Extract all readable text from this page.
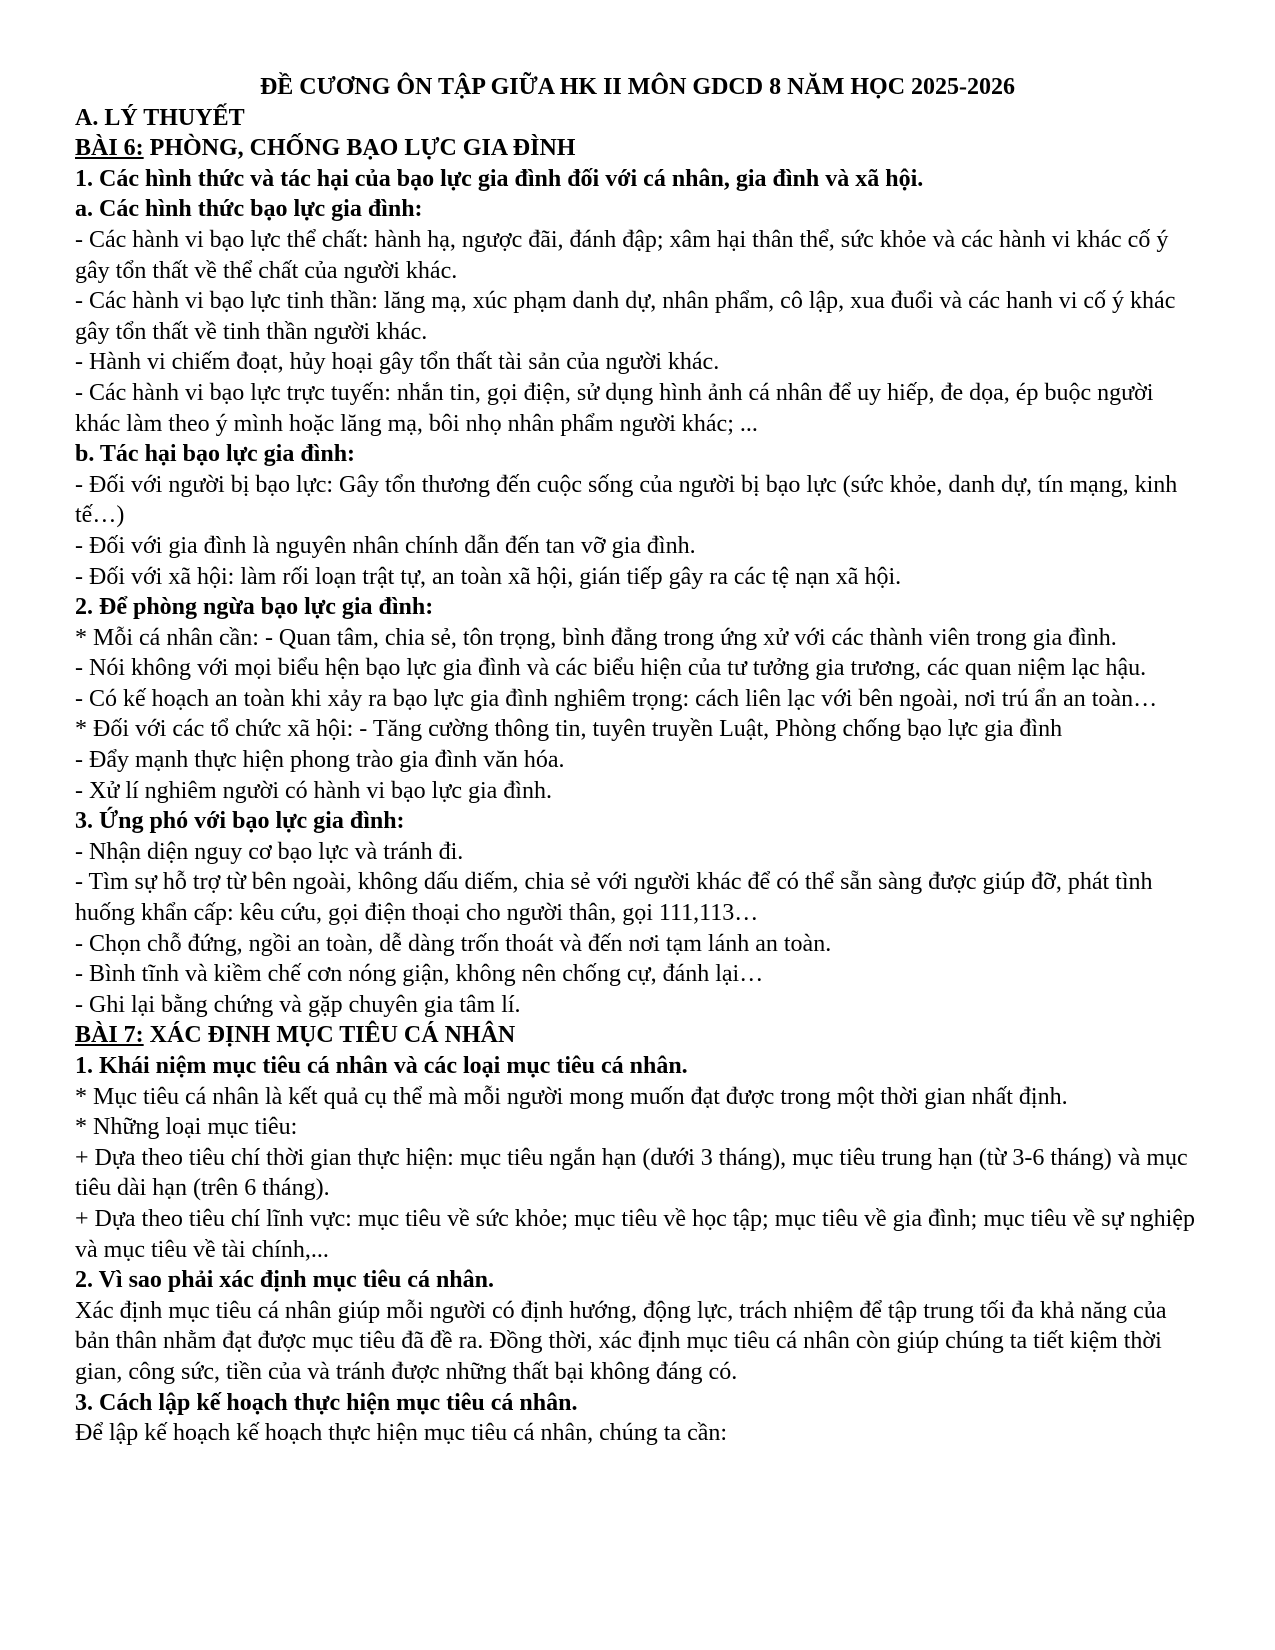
ĐỀ CƯƠNG ÔN TẬP GIỮA HK II MÔN GDCD 8 NĂM HỌC 2025-2026

A. LÝ THUYẾT

BÀI 6: PHÒNG, CHỐNG BẠO LỰC GIA ĐÌNH

1. Các hình thức và tác hại của bạo lực gia đình đối với cá nhân, gia đình và xã hội.

a. Các hình thức bạo lực gia đình:

- Các hành vi bạo lực thể chất: hành hạ, ngược đãi, đánh đập; xâm hại thân thể, sức khỏe và các hành vi khác cố ý gây tổn thất về thể chất của người khác.

- Các hành vi bạo lực tinh thần: lăng mạ, xúc phạm danh dự, nhân phẩm, cô lập, xua đuổi và các hanh vi cố ý khác gây tổn thất về tinh thần người khác.

- Hành vi chiếm đoạt, hủy hoại gây tổn thất tài sản của người khác.

- Các hành vi bạo lực trực tuyến: nhắn tin, gọi điện, sử dụng hình ảnh cá nhân để uy hiếp, đe dọa, ép buộc người khác làm theo ý mình hoặc lăng mạ, bôi nhọ nhân phẩm người khác; ...

b. Tác hại bạo lực gia đình:

- Đối với người bị bạo lực: Gây tổn thương đến cuộc sống của người bị bạo lực (sức khỏe, danh dự, tín mạng, kinh tế…)

- Đối với gia đình là nguyên nhân chính dẫn đến tan vỡ gia đình.

- Đối với xã hội: làm rối loạn trật tự, an toàn xã hội, gián tiếp gây ra các tệ nạn xã hội.

2. Để phòng ngừa bạo lực gia đình:

* Mỗi cá nhân cần: - Quan tâm, chia sẻ, tôn trọng, bình đẳng trong ứng xử với các thành viên trong gia đình.

- Nói không với mọi biểu hện bạo lực gia đình và các biểu hiện của tư tưởng gia trương, các quan niệm lạc hậu.

- Có kế hoạch an toàn khi xảy ra bạo lực gia đình nghiêm trọng: cách liên lạc với bên ngoài, nơi trú ẩn an toàn…

* Đối với các tổ chức xã hội: - Tăng cường thông tin, tuyên truyền Luật, Phòng chống bạo lực gia đình

- Đẩy mạnh thực hiện phong trào gia đình văn hóa.

- Xử lí nghiêm người có hành vi bạo lực gia đình.

3. Ứng phó với bạo lực gia đình:

- Nhận diện nguy cơ bạo lực và tránh đi.

- Tìm sự hỗ trợ từ bên ngoài, không dấu diếm, chia sẻ với người khác để có thể sẵn sàng được giúp đỡ, phát tình huống khẩn cấp: kêu cứu, gọi điện thoại cho người thân, gọi 111,113…

- Chọn chỗ đứng, ngồi an toàn, dễ dàng trốn thoát và đến nơi tạm lánh an toàn.

- Bình tĩnh và kiềm chế cơn nóng giận, không nên chống cự, đánh lại…

- Ghi lại bằng chứng và gặp chuyên gia tâm lí.

BÀI 7: XÁC ĐỊNH MỤC TIÊU CÁ NHÂN

1. Khái niệm mục tiêu cá nhân và các loại mục tiêu cá nhân.

* Mục tiêu cá nhân là kết quả cụ thể mà mỗi người mong muốn đạt được trong một thời gian nhất định.

* Những loại mục tiêu:

+ Dựa theo tiêu chí thời gian thực hiện: mục tiêu ngắn hạn (dưới 3 tháng), mục tiêu trung hạn (từ 3-6 tháng) và mục tiêu dài hạn (trên 6 tháng).

+ Dựa theo tiêu chí lĩnh vực: mục tiêu về sức khỏe; mục tiêu về học tập; mục tiêu về gia đình; mục tiêu về sự nghiệp và mục tiêu về tài chính,...

2. Vì sao phải xác định mục tiêu cá nhân.

Xác định mục tiêu cá nhân giúp mỗi người có định hướng, động lực, trách nhiệm để tập trung tối đa khả năng của bản thân nhằm đạt được mục tiêu đã đề ra. Đồng thời, xác định mục tiêu cá nhân còn giúp chúng ta tiết kiệm thời gian, công sức, tiền của và tránh được những thất bại không đáng có.

3. Cách lập kế hoạch thực hiện mục tiêu cá nhân.

Để lập kế hoạch kế hoạch thực hiện mục tiêu cá nhân, chúng ta cần:
